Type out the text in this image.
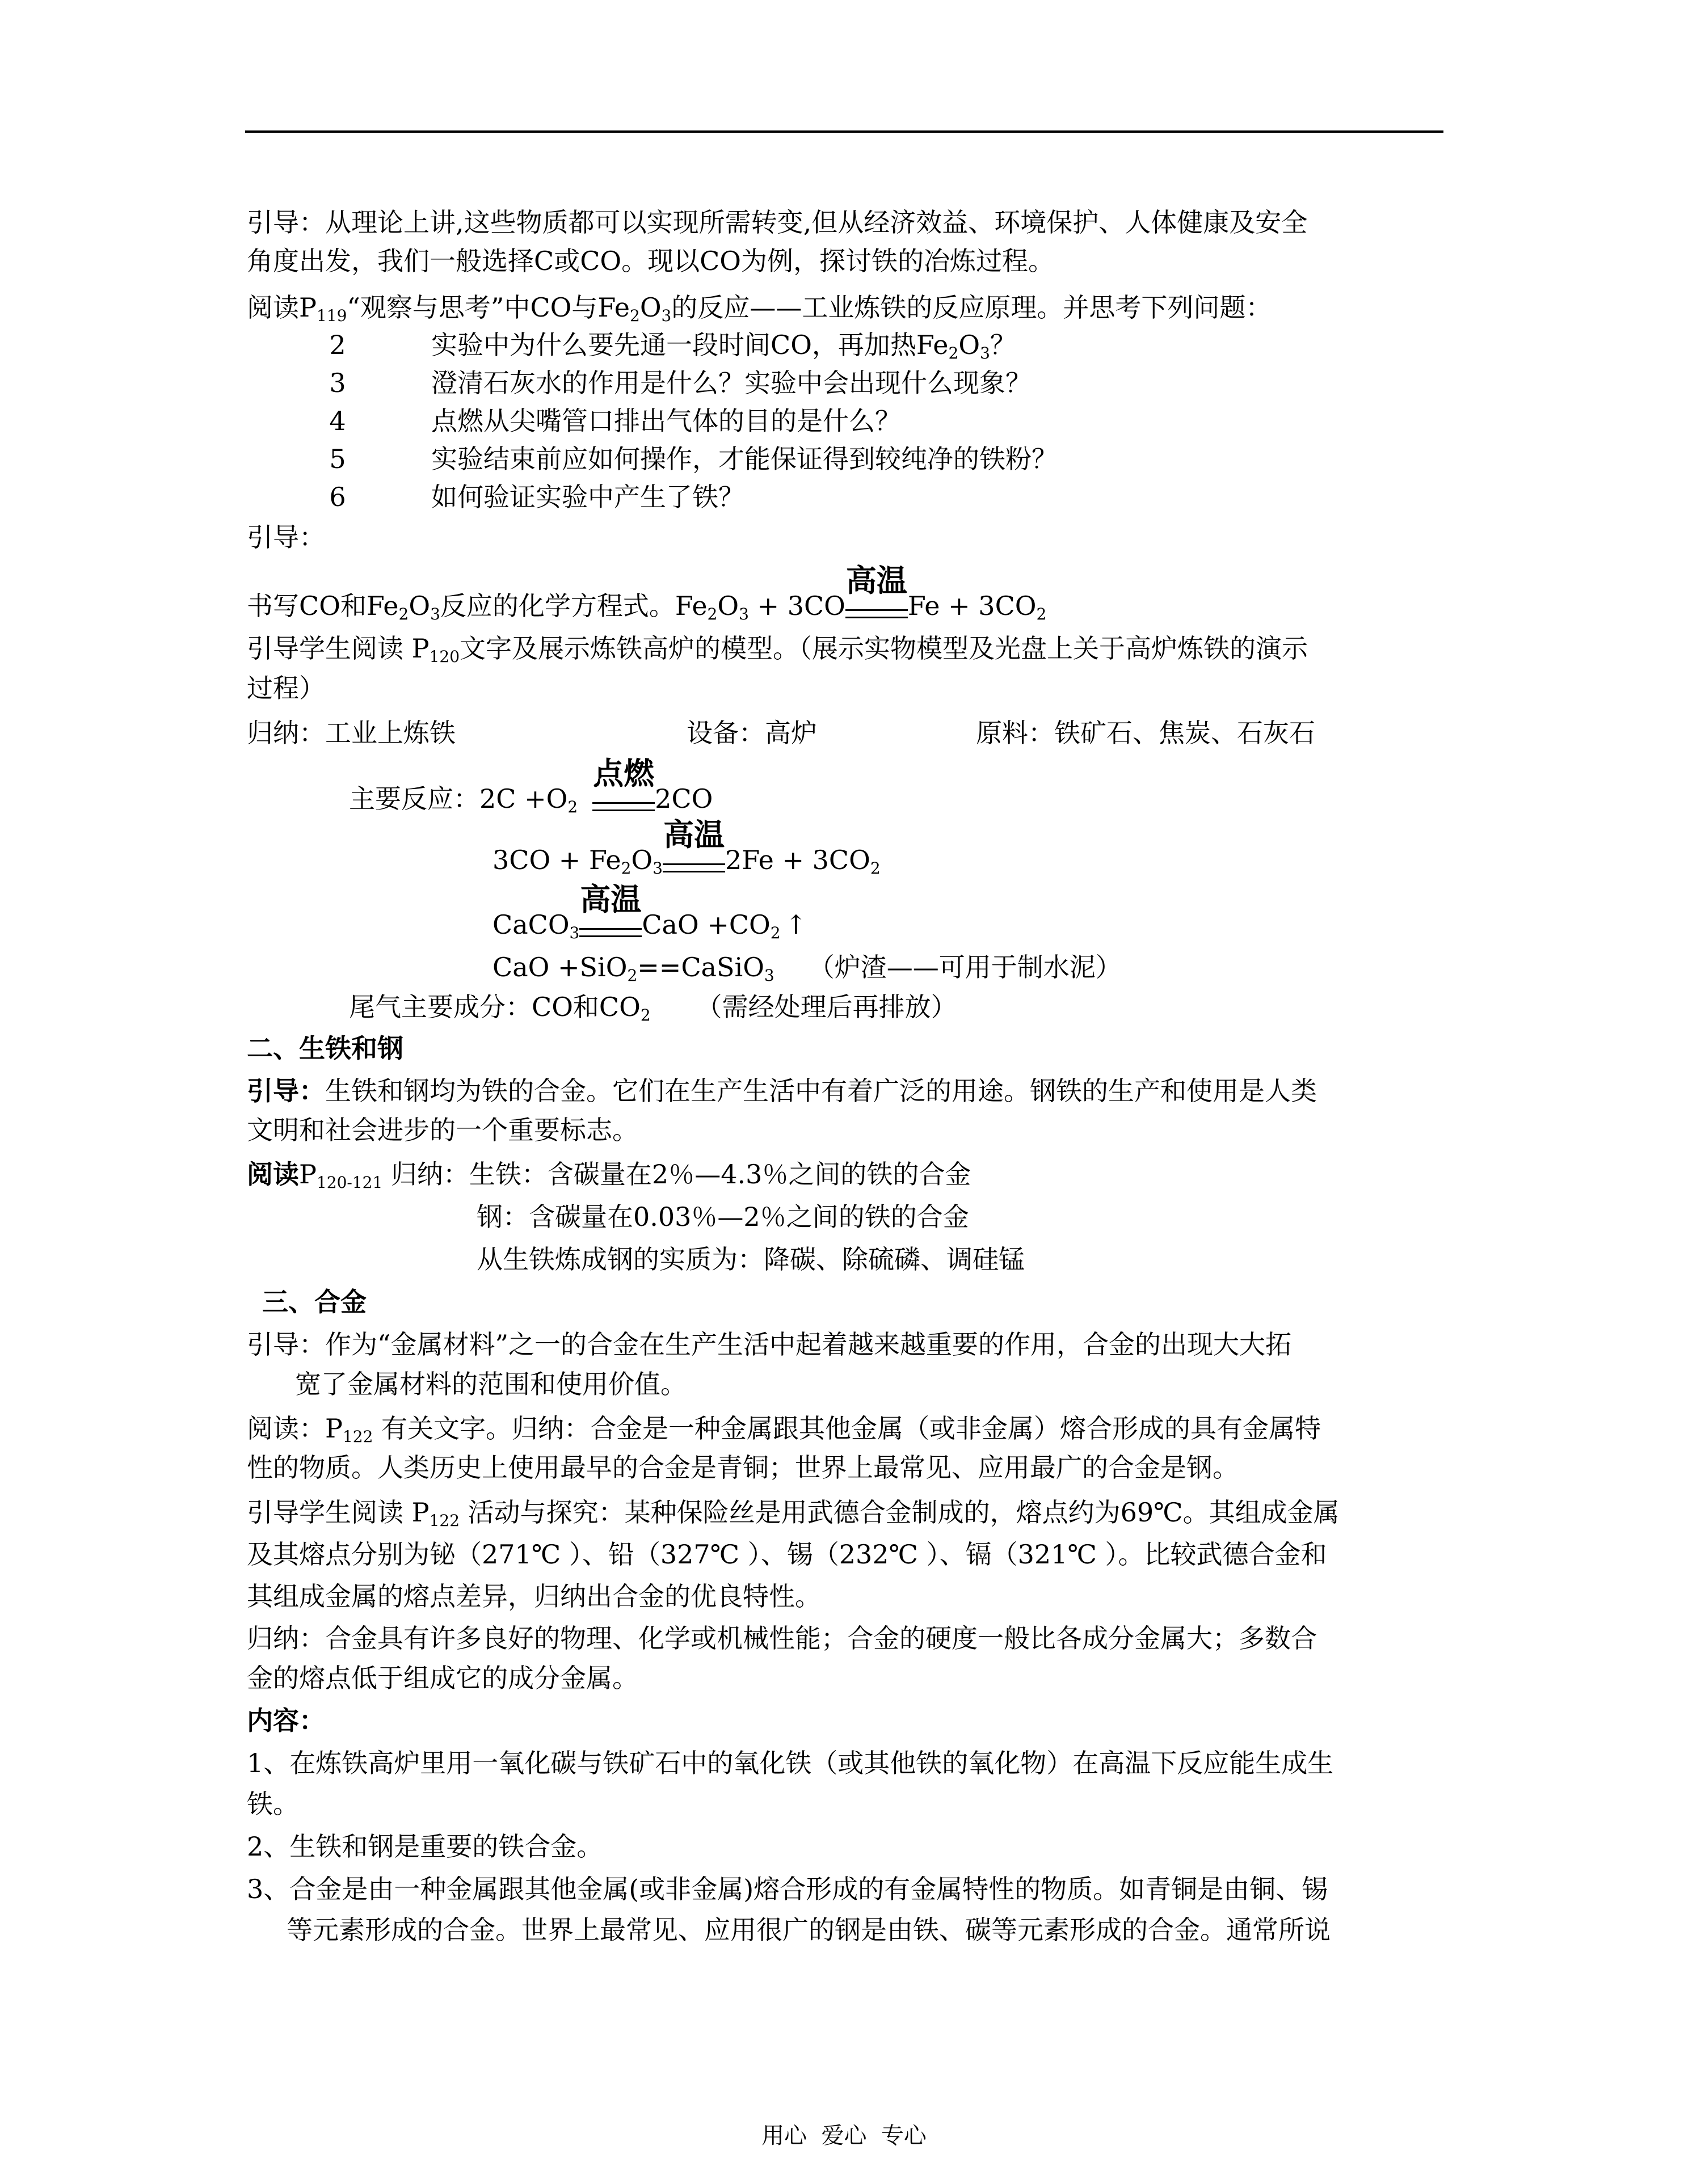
引导：从理论上讲,这些物质都可以实现所需转变,但从经济效益、环境保护、人体健康及安全
角度出发，我们一般选择C或CO。现以CO为例，探讨铁的冶炼过程。
阅读$P_{119}“$观察与思考”中CO与$Fe_2O_3$的反应——工业炼铁的反应原理。并思考下列问题：
2	实验中为什么要先通一段时间CO，再加热$Fe_2O_3$？
3	澄清石灰水的作用是什么？实验中会出现什么现象？
4	点燃从尖嘴管口排出气体的目的是什么？
5	实验结束前应如何操作，才能保证得到较纯净的铁粉？
6	如何验证实验中产生了铁？
引导：
书写CO和$Fe_2O_3$反应的化学方程式。$Fe_2O_3 + 3CO$
高温
$Fe + 3CO_2$
引导学生阅读 $P_{120}$文字及展示炼铁高炉的模型。（展示实物模型及光盘上关于高炉炼铁的演示
过程）
归纳：工业上炼铁	设备：高炉	原料：铁矿石、焦炭、石灰石
主要反应：$2C +O_2$
点燃
2CO
$3CO + Fe_2O_3$
高温
$2Fe + 3CO_2$
CaCO$_3$
高温
CaO $+CO_2$ ↑
CaO +SiO$_2$==CaSiO$_3$ （炉渣——可用于制水泥）
尾气主要成分：CO和$CO_2$ （需经处理后再排放）
二、生铁和钢
引导：生铁和钢均为铁的合金。它们在生产生活中有着广泛的用途。钢铁的生产和使用是人类
文明和社会进步的一个重要标志。
阅读$P_{120-121}$ 归纳：生铁：含碳量在2％—4.3％之间的铁的合金
钢：含碳量在0.03％—2％之间的铁的合金
从生铁炼成钢的实质为：降碳、除硫磷、调硅锰
三、合金
引导：作为“金属材料”之一的合金在生产生活中起着越来越重要的作用，合金的出现大大拓
宽了金属材料的范围和使用价值。
阅读：$P_{122}$ 有关文字。归纳：合金是一种金属跟其他金属（或非金属）熔合形成的具有金属特
性的物质。人类历史上使用最早的合金是青铜；世界上最常见、应用最广的合金是钢。
引导学生阅读 $P_{122}$ 活动与探究：某种保险丝是用武德合金制成的，熔点约为69℃。其组成金属
及其熔点分别为铋（271℃ ）、铅（327℃ ）、锡（232℃ ）、镉（321℃ ）。比较武德合金和
其组成金属的熔点差异，归纳出合金的优良特性。
归纳：合金具有许多良好的物理、化学或机械性能；合金的硬度一般比各成分金属大；多数合
金的熔点低于组成它的成分金属。
内容：
1、在炼铁高炉里用一氧化碳与铁矿石中的氧化铁（或其他铁的氧化物）在高温下反应能生成生
铁。
2、生铁和钢是重要的铁合金。
3、合金是由一种金属跟其他金属(或非金属)熔合形成的有金属特性的物质。如青铜是由铜、锡
等元素形成的合金。世界上最常见、应用很广的钢是由铁、碳等元素形成的合金。通常所说
用心  爱心  专心
